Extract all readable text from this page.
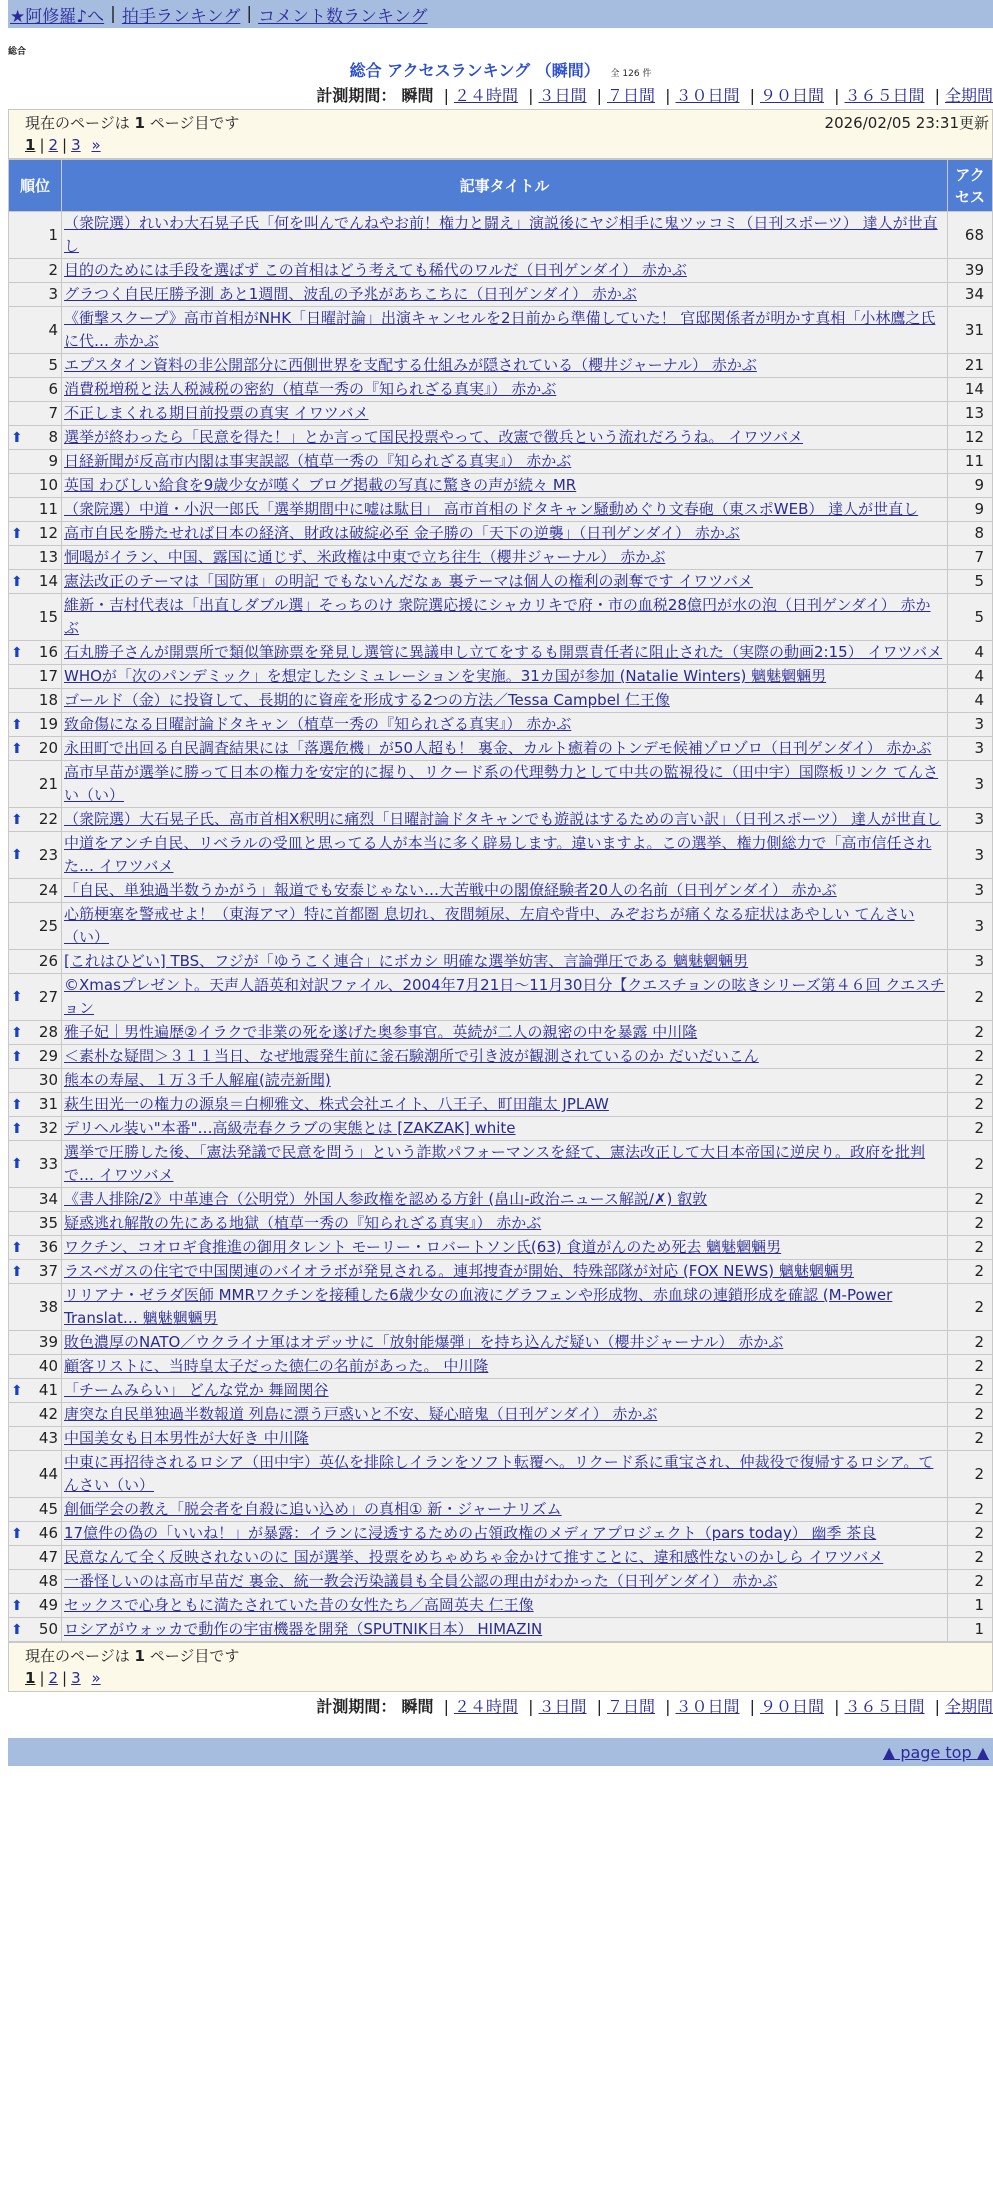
★阿修羅♪へ | 拍手ランキング | コメント数ランキング
総合
総合 アクセスランキング （瞬間） 全 126 件
計測期間： 瞬間 | ２４時間 | ３日間 | ７日間 | ３０日間 | ９０日間 | ３６５日間 | 全期間
現在のページは 1 ページ目です	2026/02/05 23:31更新
1 | 2 | 3 »
順位	記事タイトル	アクセス
1	（衆院選）れいわ大石晃子氏「何を叫んでんねやお前！権力と闘え」演説後にヤジ相手に鬼ツッコミ（日刊スポーツ） 達人が世直し	68
2	目的のためには手段を選ばず この首相はどう考えても稀代のワルだ（日刊ゲンダイ） 赤かぶ	39
3	グラつく自民圧勝予測 あと1週間、波乱の予兆があちこちに（日刊ゲンダイ） 赤かぶ	34
4	《衝撃スクープ》高市首相がNHK「日曜討論」出演キャンセルを2日前から準備していた！ 官邸関係者が明かす真相「小林鷹之氏に代… 赤かぶ	31
5	エプスタイン資料の非公開部分に西側世界を支配する仕組みが隠されている（櫻井ジャーナル） 赤かぶ	21
6	消費税増税と法人税減税の密約（植草一秀の『知られざる真実』） 赤かぶ	14
7	不正しまくれる期日前投票の真実 イワツバメ	13

⬆ 8	選挙が終わったら「民意を得た！」とか言って国民投票やって、改憲で徴兵という流れだろうね。 イワツバメ	12
9	日経新聞が反高市内閣は事実誤認（植草一秀の『知られざる真実』） 赤かぶ	11
10	英国 わびしい給食を9歳少女が嘆く ブログ掲載の写真に驚きの声が続々 MR	9
11	（衆院選）中道・小沢一郎氏「選挙期間中に嘘は駄目」 高市首相のドタキャン騒動めぐり文春砲（東スポWEB） 達人が世直し	9

⬆ 12	高市自民を勝たせれば日本の経済、財政は破綻必至 金子勝の「天下の逆襲」（日刊ゲンダイ） 赤かぶ	8
13	恫喝がイラン、中国、露国に通じず、米政権は中東で立ち往生（櫻井ジャーナル） 赤かぶ	7

⬆ 14	憲法改正のテーマは「国防軍」の明記 でもないんだなぁ 裏テーマは個人の権利の剥奪です イワツバメ	5
15	維新・吉村代表は「出直しダブル選」そっちのけ 衆院選応援にシャカリキで府・市の血税28億円が水の泡（日刊ゲンダイ） 赤かぶ	5

⬆ 16	石丸勝子さんが開票所で類似筆跡票を発見し選管に異議申し立てをするも開票責任者に阻止された（実際の動画2:15） イワツバメ	4
17	WHOが「次のパンデミック」を想定したシミュレーションを実施。31カ国が参加 (Natalie Winters) 魑魅魍魎男	4
18	ゴールド（金）に投資して、長期的に資産を形成する2つの方法／Tessa Campbel 仁王像	4

⬆ 19	致命傷になる日曜討論ドタキャン（植草一秀の『知られざる真実』） 赤かぶ	3

⬆ 20	永田町で出回る自民調査結果には「落選危機」が50人超も！ 裏金、カルト癒着のトンデモ候補ゾロゾロ（日刊ゲンダイ） 赤かぶ	3
21	高市早苗が選挙に勝って日本の権力を安定的に握り、リクード系の代理勢力として中共の監視役に（田中宇）国際板リンク てんさい（い）	3

⬆ 22	（衆院選）大石晃子氏、高市首相X釈明に痛烈「日曜討論ドタキャンでも遊説はするための言い訳」（日刊スポーツ） 達人が世直し	3

⬆ 23	中道をアンチ自民、リベラルの受皿と思ってる人が本当に多く辟易します。違いますよ。この選挙、権力側総力で「高市信任された… イワツバメ	3
24	「自民、単独過半数うかがう」報道でも安泰じゃない…大苦戦中の閣僚経験者20人の名前（日刊ゲンダイ） 赤かぶ	3
25	心筋梗塞を警戒せよ！（東海アマ）特に首都圏 息切れ、夜間頻尿、左肩や背中、みぞおちが痛くなる症状はあやしい てんさい（い）	3
26	[これはひどい] TBS、フジが「ゆうこく連合」にボカシ 明確な選挙妨害、言論弾圧である 魑魅魍魎男	3

⬆ 27	©Xmasプレゼント。天声人語英和対訳ファイル、2004年7月21日～11月30日分【クエスチョンの呟きシリーズ第４６回 クエスチョン	2

⬆ 28	雅子妃｜男性遍歴②イラクで非業の死を遂げた奥参事官。英続が二人の親密の中を暴露 中川隆	2

⬆ 29	＜素朴な疑問＞３１１当日、なぜ地震発生前に釜石験潮所で引き波が観測されているのか だいだいこん	2
30	熊本の寿屋、１万３千人解雇(読売新聞)	2

⬆ 31	萩生田光一の権力の源泉＝白柳雅文、株式会社エイト、八王子、町田龍太 JPLAW	2

⬆ 32	デリヘル装い"本番"…高級売春クラブの実態とは [ZAKZAK] white	2

⬆ 33	選挙で圧勝した後、「憲法発議で民意を問う」という詐欺パフォーマンスを経て、憲法改正して大日本帝国に逆戻り。政府を批判で… イワツバメ	2
34	《書人排除/2》中革連合（公明党）外国人参政権を認める方針 (畠山-政治ニュース解説/✗) 叡敦	2
35	疑惑逃れ解散の先にある地獄（植草一秀の『知られざる真実』） 赤かぶ	2

⬆ 36	ワクチン、コオロギ食推進の御用タレント モーリー・ロバートソン氏(63) 食道がんのため死去 魑魅魍魎男	2

⬆ 37	ラスベガスの住宅で中国関連のバイオラボが発見される。連邦捜査が開始、特殊部隊が対応 (FOX NEWS) 魑魅魍魎男	2
38	リリアナ・ゼラダ医師 MMRワクチンを接種した6歳少女の血液にグラフェンや形成物、赤血球の連鎖形成を確認 (M-Power Translat… 魑魅魍魎男	2
39	敗色濃厚のNATO／ウクライナ軍はオデッサに「放射能爆弾」を持ち込んだ疑い（櫻井ジャーナル） 赤かぶ	2
40	顧客リストに、当時皇太子だった徳仁の名前があった。 中川隆	2

⬆ 41	「チームみらい」 どんな党か 舞岡関谷	2
42	唐突な自民単独過半数報道 列島に漂う戸惑いと不安、疑心暗鬼（日刊ゲンダイ） 赤かぶ	2
43	中国美女も日本男性が大好き 中川隆	2
44	中東に再招待されるロシア（田中宇）英仏を排除しイランをソフト転覆へ。リクード系に重宝され、仲裁役で復帰するロシア。てんさい（い）	2
45	創価学会の教え「脱会者を自殺に追い込め」の真相① 新・ジャーナリズム	2

⬆ 46	17億件の偽の「いいね！」が暴露：イランに浸透するための占領政権のメディアプロジェクト（pars today） 幽季 茶良	2
47	民意なんて全く反映されないのに 国が選挙、投票をめちゃめちゃ金かけて推すことに、違和感性ないのかしら イワツバメ	2
48	一番怪しいのは高市早苗だ 裏金、統一教会汚染議員も全員公認の理由がわかった（日刊ゲンダイ） 赤かぶ	2

⬆ 49	セックスで心身ともに満たされていた昔の女性たち／高岡英夫 仁王像	1

⬆ 50	ロシアがウォッカで動作の宇宙機器を開発（SPUTNIK日本） HIMAZIN	1
現在のページは 1 ページ目です
1 | 2 | 3 »
計測期間： 瞬間 | ２４時間 | ３日間 | ７日間 | ３０日間 | ９０日間 | ３６５日間 | 全期間
▲ page top ▲
